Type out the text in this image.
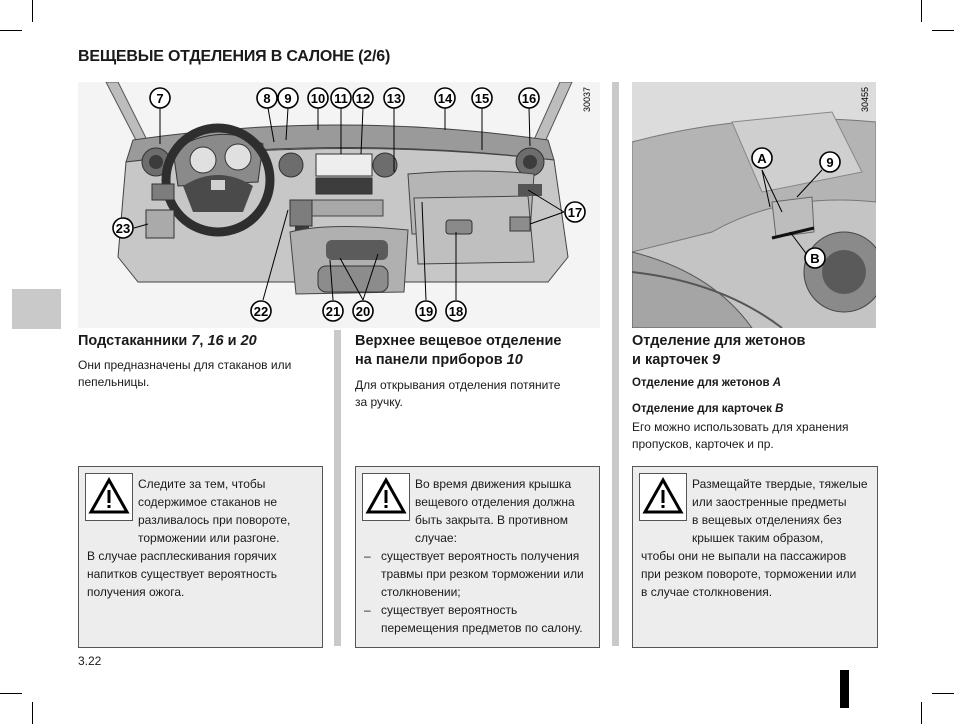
ВЕЩЕВЫЕ ОТДЕЛЕНИЯ В САЛОНЕ (2/6)
7	8 9 10 11 12 13	14 15	16
17
23
22	21 20	19 18
30037
A	9
B
30455
Подстаканники 7, 16 и 20
Они предназначены для стаканов или
пепельницы.
Следите за тем, чтобы
содержимое стаканов не
разливалось при повороте,
торможении или разгоне.
В случае расплескивания горячих
напитков существует вероятность
получения ожога.
Верхнее вещевое отделение
на панели приборов 10
Для открывания отделения потяните
за ручку.
Во время движения крышка
вещевого отделения должна
быть закрыта. В противном
случае:
– существует вероятность получения
травмы при резком торможении или
столкновении;
– существует вероятность
перемещения предметов по салону.
Отделение для жетонов
и карточек 9
Отделение для жетонов A
Отделение для карточек B
Его можно использовать для хранения
пропусков, карточек и пр.
Размещайте твердые, тяжелые
или заостренные предметы
в вещевых отделениях без
крышек таким образом,
чтобы они не выпали на пассажиров
при резком повороте, торможении или
в случае столкновения.
3.22
